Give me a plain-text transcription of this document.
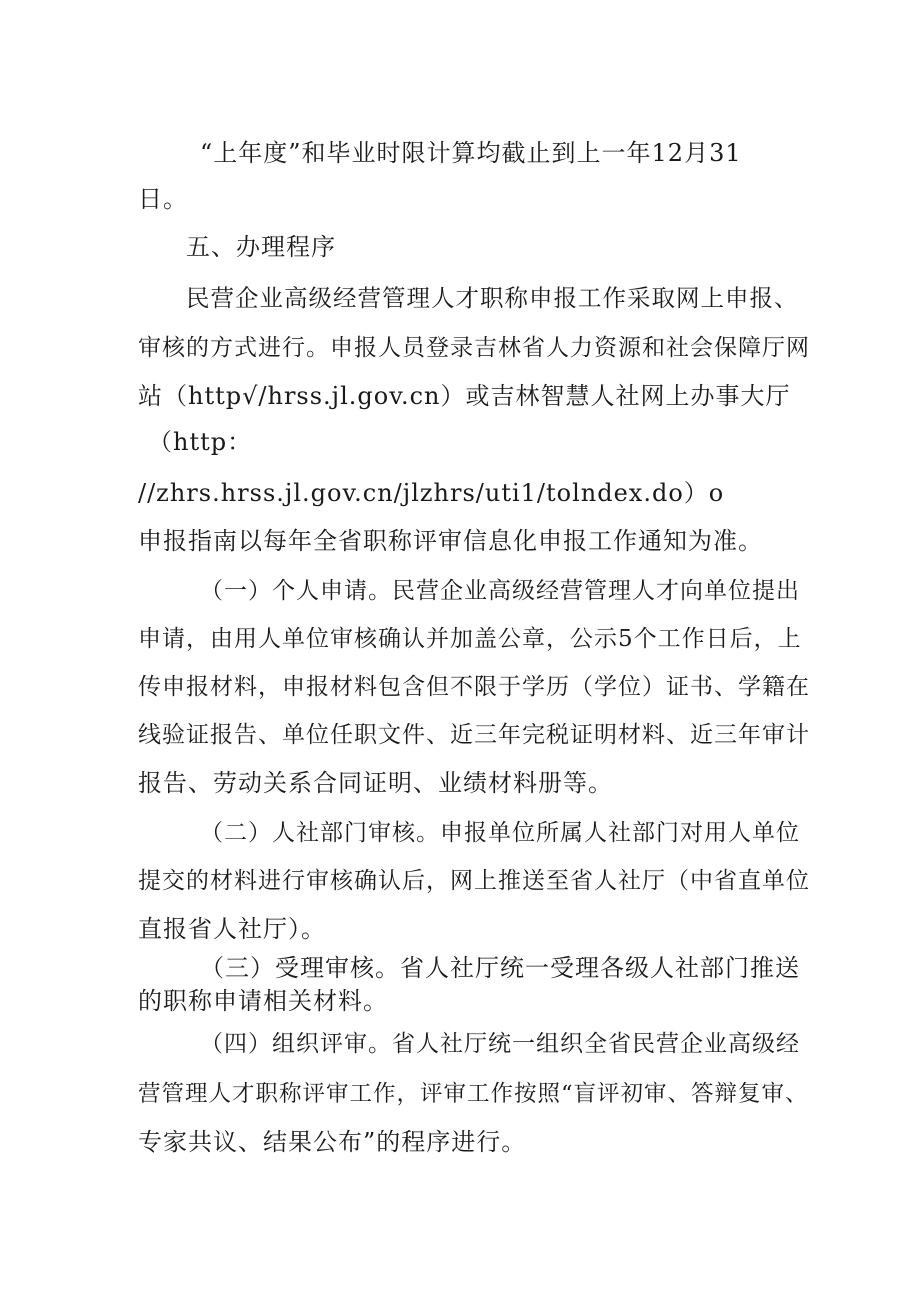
“上年度”和毕业时限计算均截止到上一年12月31
日。
五、办理程序
民营企业高级经营管理人才职称申报工作采取网上申报、
审核的方式进行。申报人员登录吉林省人力资源和社会保障厅网
站（http√/hrss.jl.gov.cn）或吉林智慧人社网上办事大厅
（http：
//zhrs.hrss.jl.gov.cn/jlzhrs/uti1/tolndex.do）o
申报指南以每年全省职称评审信息化申报工作通知为准。
（一）个人申请。民营企业高级经营管理人才向单位提出
申请，由用人单位审核确认并加盖公章，公示5个工作日后，上
传申报材料，申报材料包含但不限于学历（学位）证书、学籍在
线验证报告、单位任职文件、近三年完税证明材料、近三年审计
报告、劳动关系合同证明、业绩材料册等。
（二）人社部门审核。申报单位所属人社部门对用人单位
提交的材料进行审核确认后，网上推送至省人社厅（中省直单位
直报省人社厅）。
（三）受理审核。省人社厅统一受理各级人社部门推送
的职称申请相关材料。
（四）组织评审。省人社厅统一组织全省民营企业高级经
营管理人才职称评审工作，评审工作按照“盲评初审、答辩复审、
专家共议、结果公布”的程序进行。
